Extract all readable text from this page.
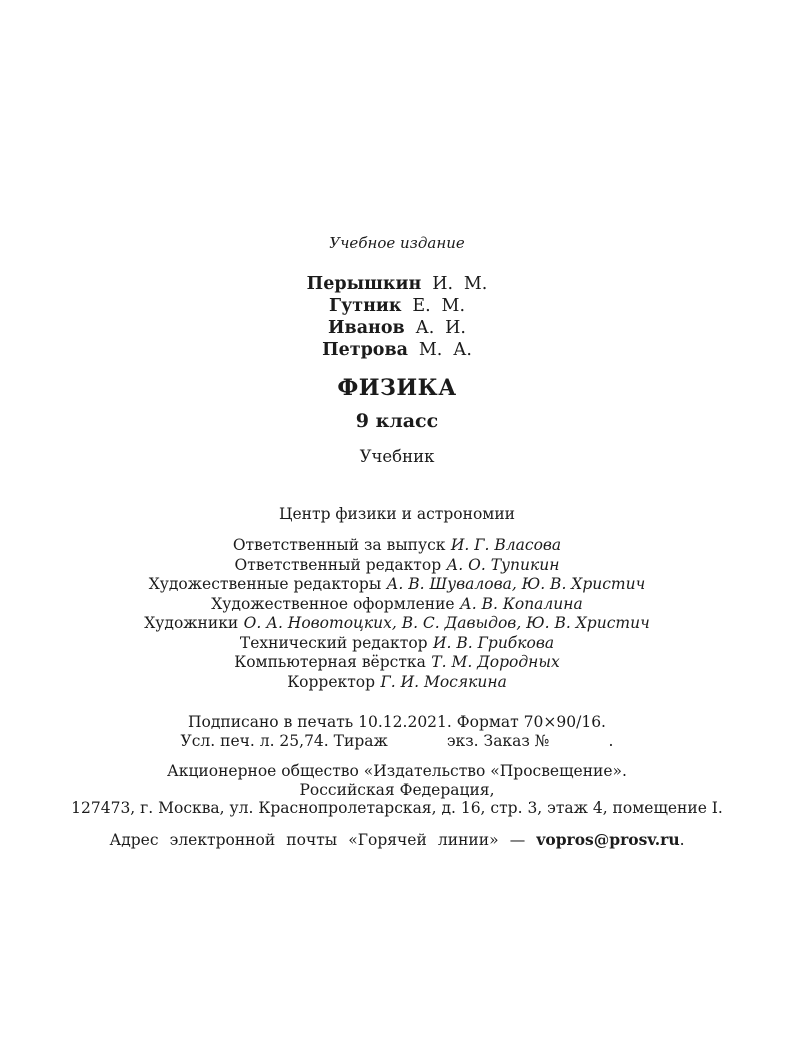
Учебное издание
Перышкин И. М.
Гутник Е. М.
Иванов А. И.
Петрова М. А.
ФИЗИКА
9 класс
Учебник
Центр физики и астрономии
Ответственный за выпуск И. Г. Власова
Ответственный редактор А. О. Тупикин
Художественные редакторы А. В. Шувалова, Ю. В. Христич
Художественное оформление А. В. Копалина
Художники О. А. Новотоцких, В. С. Давыдов, Ю. В. Христич
Технический редактор И. В. Грибкова
Компьютерная вёрстка Т. М. Дородных
Корректор Г. И. Мосякина
Подписано в печать 10.12.2021. Формат 70×90/16.
Усл. печ. л. 25,74. Тираж            экз. Заказ №            .
Акционерное общество «Издательство «Просвещение».
Российская Федерация,
127473, г. Москва, ул. Краснопролетарская, д. 16, стр. 3, этаж 4, помещение I.
Адрес электронной почты «Горячей линии» — vopros@prosv.ru.
